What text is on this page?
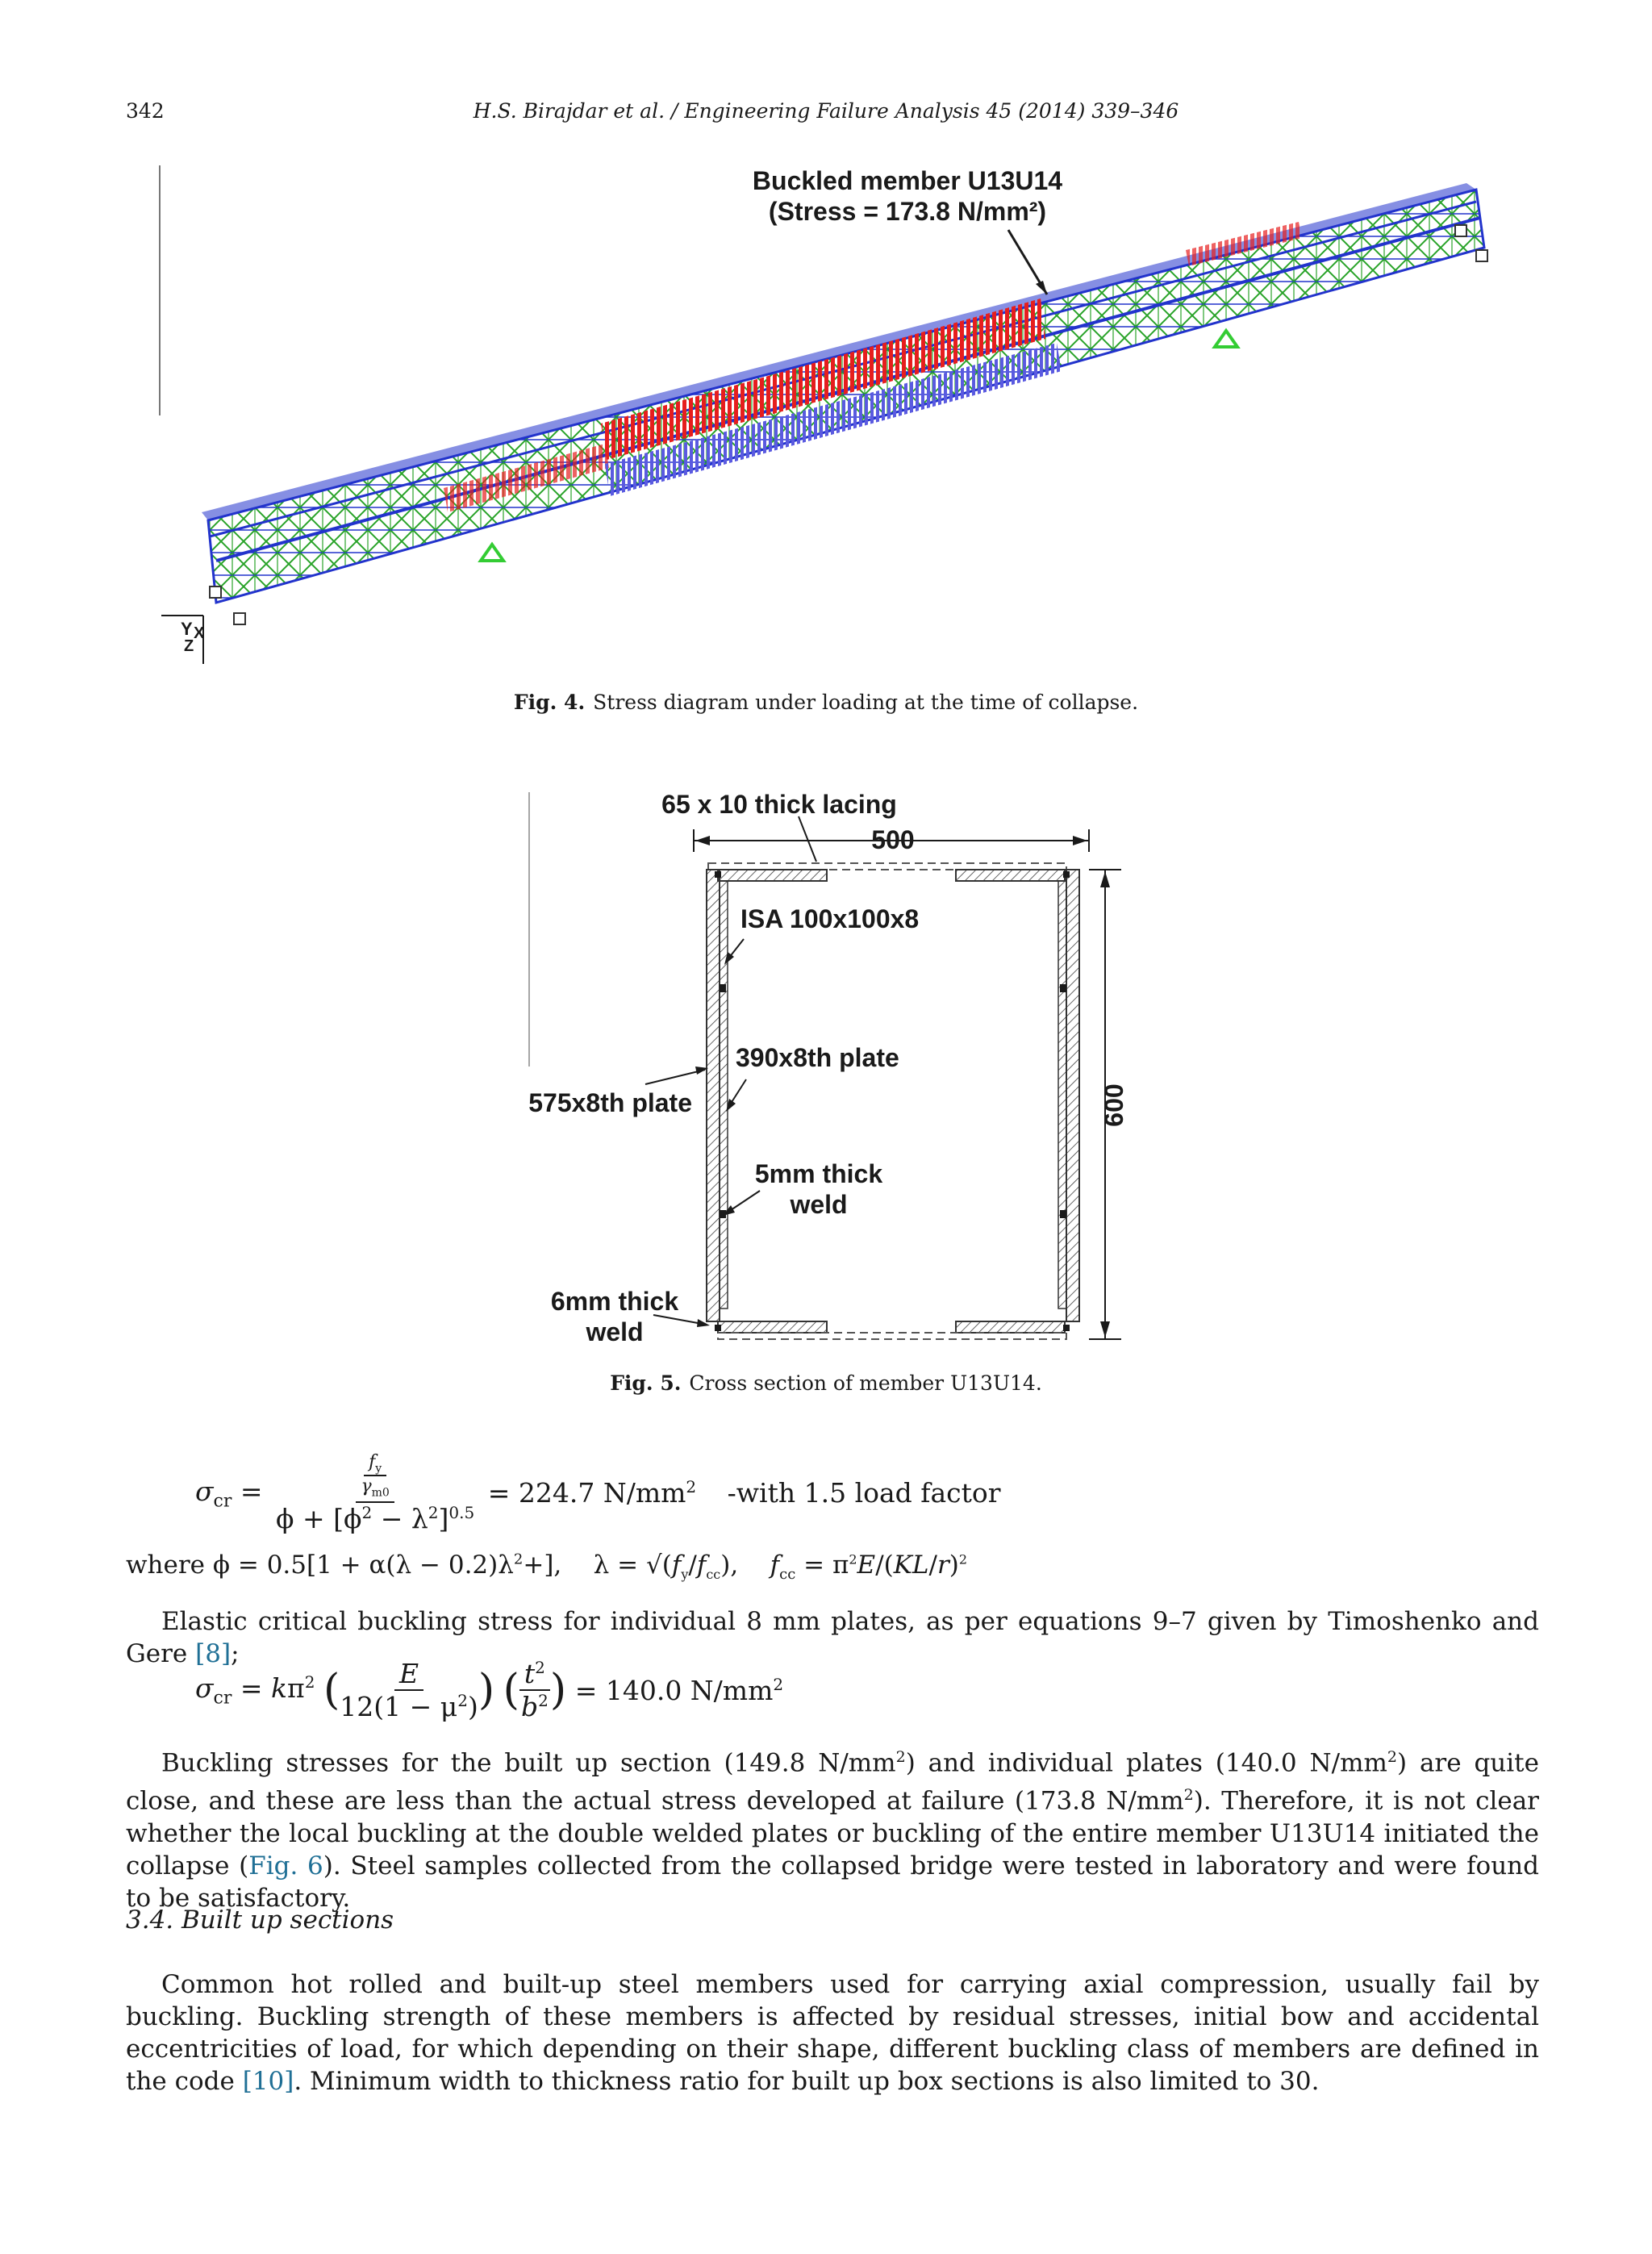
342	H.S. Birajdar et al. / Engineering Failure Analysis 45 (2014) 339–346
Buckled member U13U14
(Stress = 173.8 N/mm²)
Y X
Z
Fig. 4. Stress diagram under loading at the time of collapse.
65 x 10 thick lacing
500
600
ISA 100x100x8
390x8th plate
575x8th plate
5mm thick
weld
6mm thick
weld
Fig. 5. Cross section of member U13U14.
$\sigma_{cr} = \frac{\frac{f_y}{\gamma_{m0}}}{\phi + [\phi^2 - \lambda^2]^{0.5}} = 224.7$ $N/mm^2$ -with 1.5 load factor
where $\phi = 0.5[1 + \alpha(\lambda - 0.2)\lambda^2+]$,    $\lambda = √(f_y/f_{cc})$,    $f_{cc} = \pi^2E/(KL/r)^2$

Elastic critical buckling stress for individual 8 mm plates, as per equations 9–7 given by Timoshenko and Gere [8];

$\sigma_{cr} = k\pi^2$ ( $\frac{E}{12(1 - \mu^2)}$ ) ( $\frac{t^2}{b^2}$ ) = 140.0 $N/mm^2$

Buckling stresses for the built up section (149.8 $N/mm^2$) and individual plates (140.0 $N/mm^2$) are quite close, and these are less than the actual stress developed at failure (173.8 $N/mm^2$). Therefore, it is not clear whether the local buckling at the double welded plates or buckling of the entire member U13U14 initiated the collapse (Fig. 6). Steel samples collected from the collapsed bridge were tested in laboratory and were found to be satisfactory.

3.4. Built up sections

Common hot rolled and built-up steel members used for carrying axial compression, usually fail by buckling. Buckling strength of these members is affected by residual stresses, initial bow and accidental eccentricities of load, for which depending on their shape, different buckling class of members are defined in the code [10]. Minimum width to thickness ratio for built up box sections is also limited to 30.
